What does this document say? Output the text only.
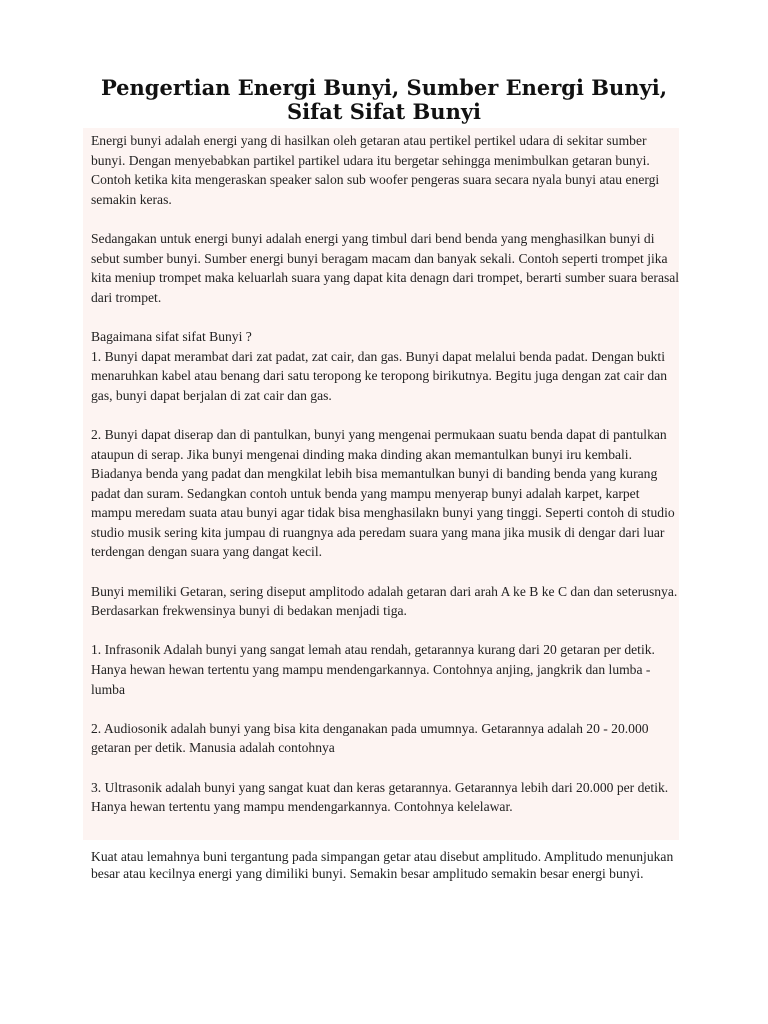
Pengertian Energi Bunyi, Sumber Energi Bunyi,
Sifat Sifat Bunyi

Energi bunyi adalah energi yang di hasilkan oleh getaran atau pertikel pertikel udara di sekitar sumber bunyi. Dengan menyebabkan partikel partikel udara itu bergetar sehingga menimbulkan getaran bunyi. Contoh ketika kita mengeraskan speaker salon sub woofer pengeras suara secara nyala bunyi atau energi semakin keras.

Sedangakan untuk energi bunyi adalah energi yang timbul dari bend benda yang menghasilkan bunyi di sebut sumber bunyi. Sumber energi bunyi beragam macam dan banyak sekali. Contoh seperti trompet jika kita meniup trompet maka keluarlah suara yang dapat kita denagn dari trompet, berarti sumber suara berasal dari trompet.

Bagaimana sifat sifat Bunyi ?

1. Bunyi dapat merambat dari zat padat, zat cair, dan gas. Bunyi dapat melalui benda padat. Dengan bukti menaruhkan kabel atau benang dari satu teropong ke teropong birikutnya. Begitu juga dengan zat cair dan gas, bunyi dapat berjalan di zat cair dan gas.

2. Bunyi dapat diserap dan di pantulkan, bunyi yang mengenai permukaan suatu benda dapat di pantulkan ataupun di serap. Jika bunyi mengenai dinding maka dinding akan memantulkan bunyi iru kembali. Biadanya benda yang padat dan mengkilat lebih bisa memantulkan bunyi di banding benda yang kurang padat dan suram. Sedangkan contoh untuk benda yang mampu menyerap bunyi adalah karpet, karpet mampu meredam suata atau bunyi agar tidak bisa menghasilakn bunyi yang tinggi. Seperti contoh di studio studio musik sering kita jumpau di ruangnya ada peredam suara yang mana jika musik di dengar dari luar terdengan dengan suara yang dangat kecil.

Bunyi memiliki Getaran, sering diseput amplitodo adalah getaran dari arah A ke B ke C dan dan seterusnya. Berdasarkan frekwensinya bunyi di bedakan menjadi tiga.

1. Infrasonik Adalah bunyi yang sangat lemah atau rendah, getarannya kurang dari 20 getaran per detik. Hanya hewan hewan tertentu yang mampu mendengarkannya. Contohnya anjing, jangkrik dan lumba - lumba

2. Audiosonik adalah bunyi yang bisa kita denganakan pada umumnya. Getarannya adalah 20 - 20.000 getaran per detik. Manusia adalah contohnya

3. Ultrasonik adalah bunyi yang sangat kuat dan keras getarannya. Getarannya lebih dari 20.000 per detik. Hanya hewan tertentu yang mampu mendengarkannya. Contohnya kelelawar.

Kuat atau lemahnya buni tergantung pada simpangan getar atau disebut amplitudo. Amplitudo menunjukan besar atau kecilnya energi yang dimiliki bunyi. Semakin besar amplitudo semakin besar energi bunyi.
